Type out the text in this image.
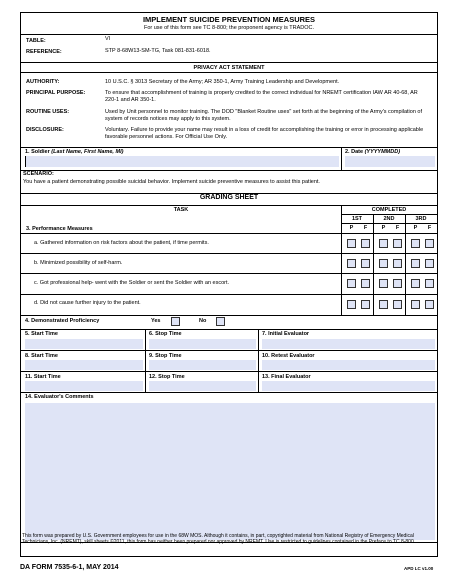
IMPLEMENT SUICIDE PREVENTION MEASURES
For use of this form see TC 8-800; the proponent agency is TRADOC.
TABLE:	VI
REFERENCE:	STP 8-68W13-SM-TG, Task 081-831-6018.
PRIVACY ACT STATEMENT
AUTHORITY:	10 U.S.C. § 3013 Secretary of the Army; AR 350-1, Army Training Leadership and Development.
PRINCIPAL PURPOSE:	To ensure that accomplishment of training is properly credited to the correct individual for NREMT certification IAW AR 40-68, AR 220-1 and AR 350-1.
ROUTINE USES:	Used by Unit personnel to monitor training. The DOD "Blanket Routine uses" set forth at the beginning of the Army's compilation of system of records notices may apply to this system.
DISCLOSURE:	Voluntary. Failure to provide your name may result in a loss of credit for accomplishing the training or error in processing applicable favorable personnel actions. For Official Use Only.
1. Soldier (Last Name, First Name, MI)	2. Date (YYYYMMDD)
SCENARIO:
You have a patient demonstrating possible suicidal behavior. Implement suicide preventive measures to assist this patient.
GRADING SHEET
TASK	COMPLETED
1ST	2ND	3RD
P	F	P	F	P	F
3. Performance Measures
a. Gathered information on risk factors about the patient, if time permits.
b. Minimized possibility of self-harm.
c. Got professional help- went with the Soldier or sent the Soldier with an escort.
d. Did not cause further injury to the patient.
4. Demonstrated Proficiency	Yes	No
5. Start Time	6. Stop Time	7. Initial Evaluator
8. Start Time	9. Stop Time	10. Retest Evaluator
11. Start Time	12. Stop Time	13. Final Evaluator
14. Evaluator's Comments
This form was prepared by U.S. Government employees for use in the 68W MOS. Although it contains, in part, copyrighted material from National Registry of Emergency Medical Technicians, Inc. (NREMT), skill sheets ©2011, this form has neither been prepared nor approved by NREMT. Use is restricted to guidelines contained in the Preface to TC 8-800.
DA FORM 7535-6-1, MAY 2014	APD LC v1.00
